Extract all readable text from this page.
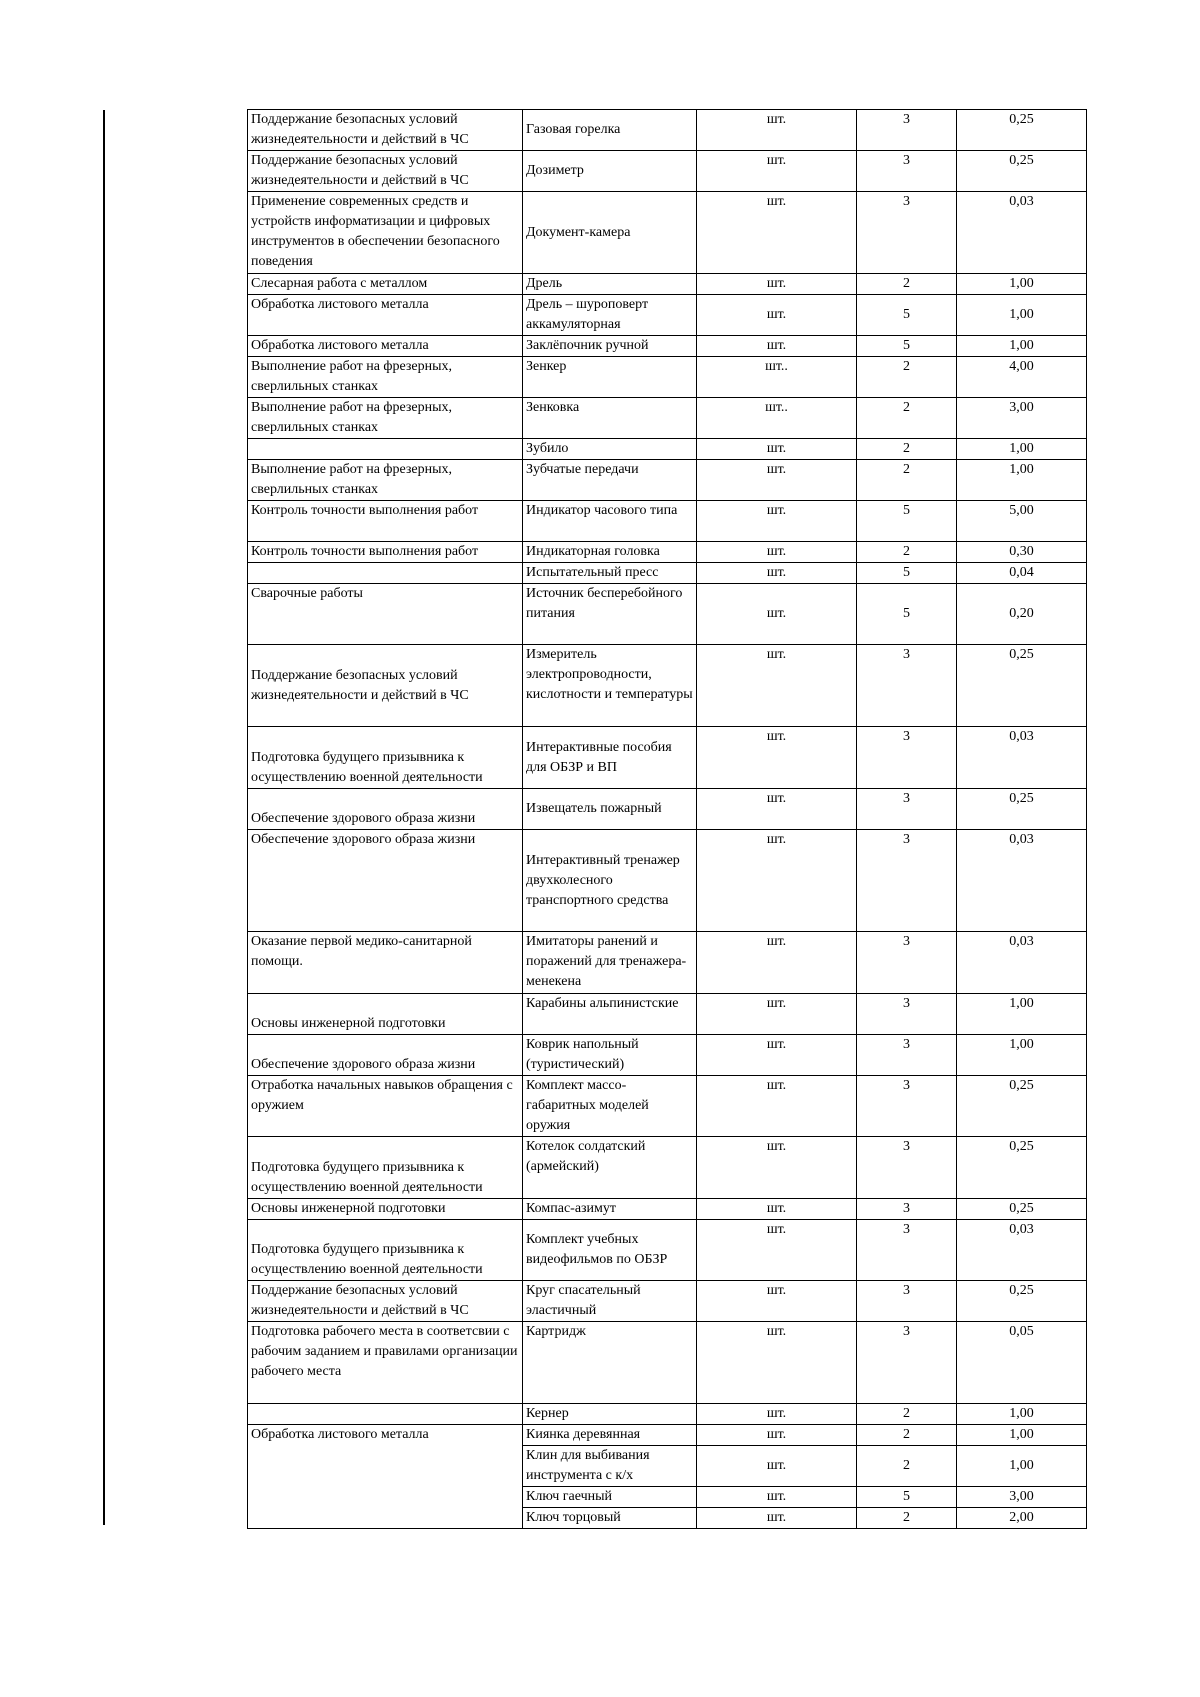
Поддержание безопасных условий жизнедеятельности и действий в ЧС	Газовая горелка	шт.	3	0,25
Поддержание безопасных условий жизнедеятельности и действий в ЧС	Дозиметр	шт.	3	0,25
Применение современных средств и устройств информатизации и цифровых инструментов в обеспечении безопасного поведения	Документ-камера	шт.	3	0,03
Слесарная работа с металлом	Дрель	шт.	2	1,00
Обработка листового металла	Дрель – шуроповерт аккамуляторная	шт.	5	1,00
Обработка листового металла	Заклёпочник ручной	шт.	5	1,00
Выполнение работ на фрезерных, сверлильных станках	Зенкер	шт..	2	4,00
Выполнение работ на фрезерных, сверлильных станках	Зенковка	шт..	2	3,00
	Зубило	шт.	2	1,00
Выполнение работ на фрезерных, сверлильных станках	Зубчатые передачи	шт.	2	1,00
Контроль точности выполнения работ	Индикатор часового типа	шт.	5	5,00
Контроль точности выполнения работ	Индикаторная головка	шт.	2	0,30
	Испытательный пресс	шт.	5	0,04
Сварочные работы	Источник бесперебойного питания	шт.	5	0,20
Поддержание безопасных условий жизнедеятельности и действий в ЧС	Измеритель электропроводности, кислотности и температуры	шт.	3	0,25
Подготовка будущего призывника к осуществлению военной деятельности	Интерактивные пособия для ОБЗР и ВП	шт.	3	0,03
Обеспечение здорового образа жизни	Извещатель пожарный	шт.	3	0,25
Обеспечение здорового образа жизни	Интерактивный тренажер двухколесного транспортного средства	шт.	3	0,03
Оказание первой медико-санитарной помощи.	Имитаторы ранений и поражений для тренажера-менекена	шт.	3	0,03
Основы инженерной подготовки	Карабины альпинистские	шт.	3	1,00
Обеспечение здорового образа жизни	Коврик напольный (туристический)	шт.	3	1,00
Отработка начальных навыков обращения с оружием	Комплект массо-габаритных моделей оружия	шт.	3	0,25
Подготовка будущего призывника к осуществлению военной деятельности	Котелок солдатский (армейский)	шт.	3	0,25
Основы инженерной подготовки	Компас-азимут	шт.	3	0,25
Подготовка будущего призывника к осуществлению военной деятельности	Комплект учебных видеофильмов по ОБЗР	шт.	3	0,03
Поддержание безопасных условий жизнедеятельности и действий в ЧС	Круг спасательный эластичный	шт.	3	0,25
Подготовка рабочего места в соответсвии с рабочим заданием и правилами организации рабочего места	Картридж	шт.	3	0,05
	Кернер	шт.	2	1,00
Обработка листового металла	Киянка деревянная	шт.	2	1,00
	Клин для выбивания инструмента с к/х	шт.	2	1,00
	Ключ гаечный	шт.	5	3,00
	Ключ торцовый	шт.	2	2,00
